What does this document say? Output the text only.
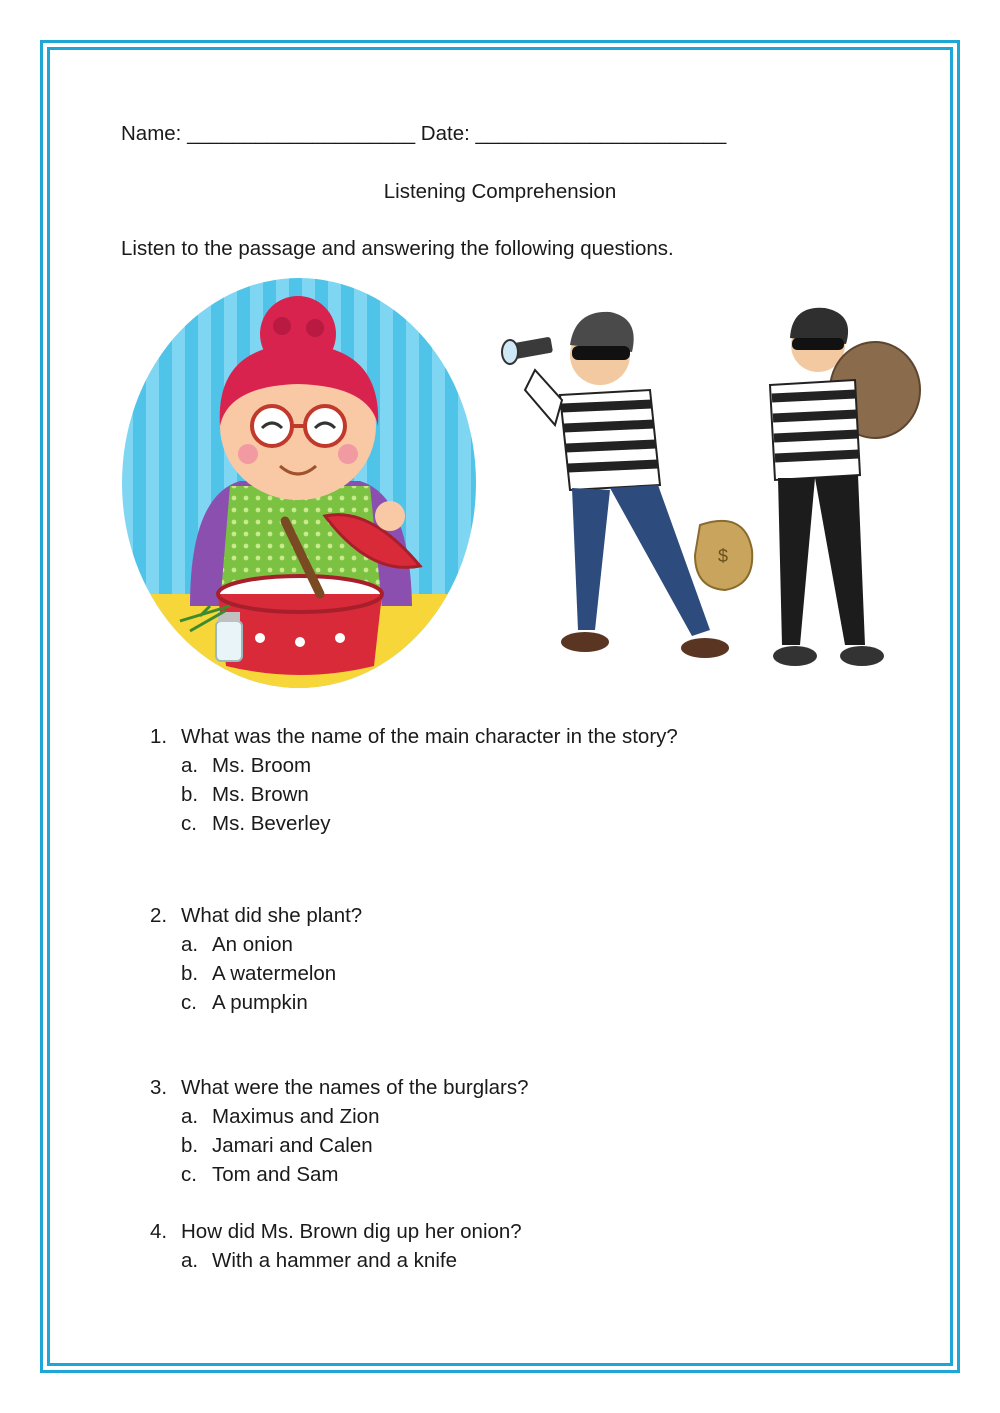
Name: ____________________ Date: ______________________
Listening Comprehension
Listen to the passage and answering the following questions.
$
1. What was the name of the main character in the story?
a. Ms. Broom
b. Ms. Brown
c. Ms. Beverley
2. What did she plant?
a. An onion
b. A watermelon
c. A pumpkin
3. What were the names of the burglars?
a. Maximus and Zion
b. Jamari and Calen
c. Tom and Sam
4. How did Ms. Brown dig up her onion?
a. With a hammer and a knife
